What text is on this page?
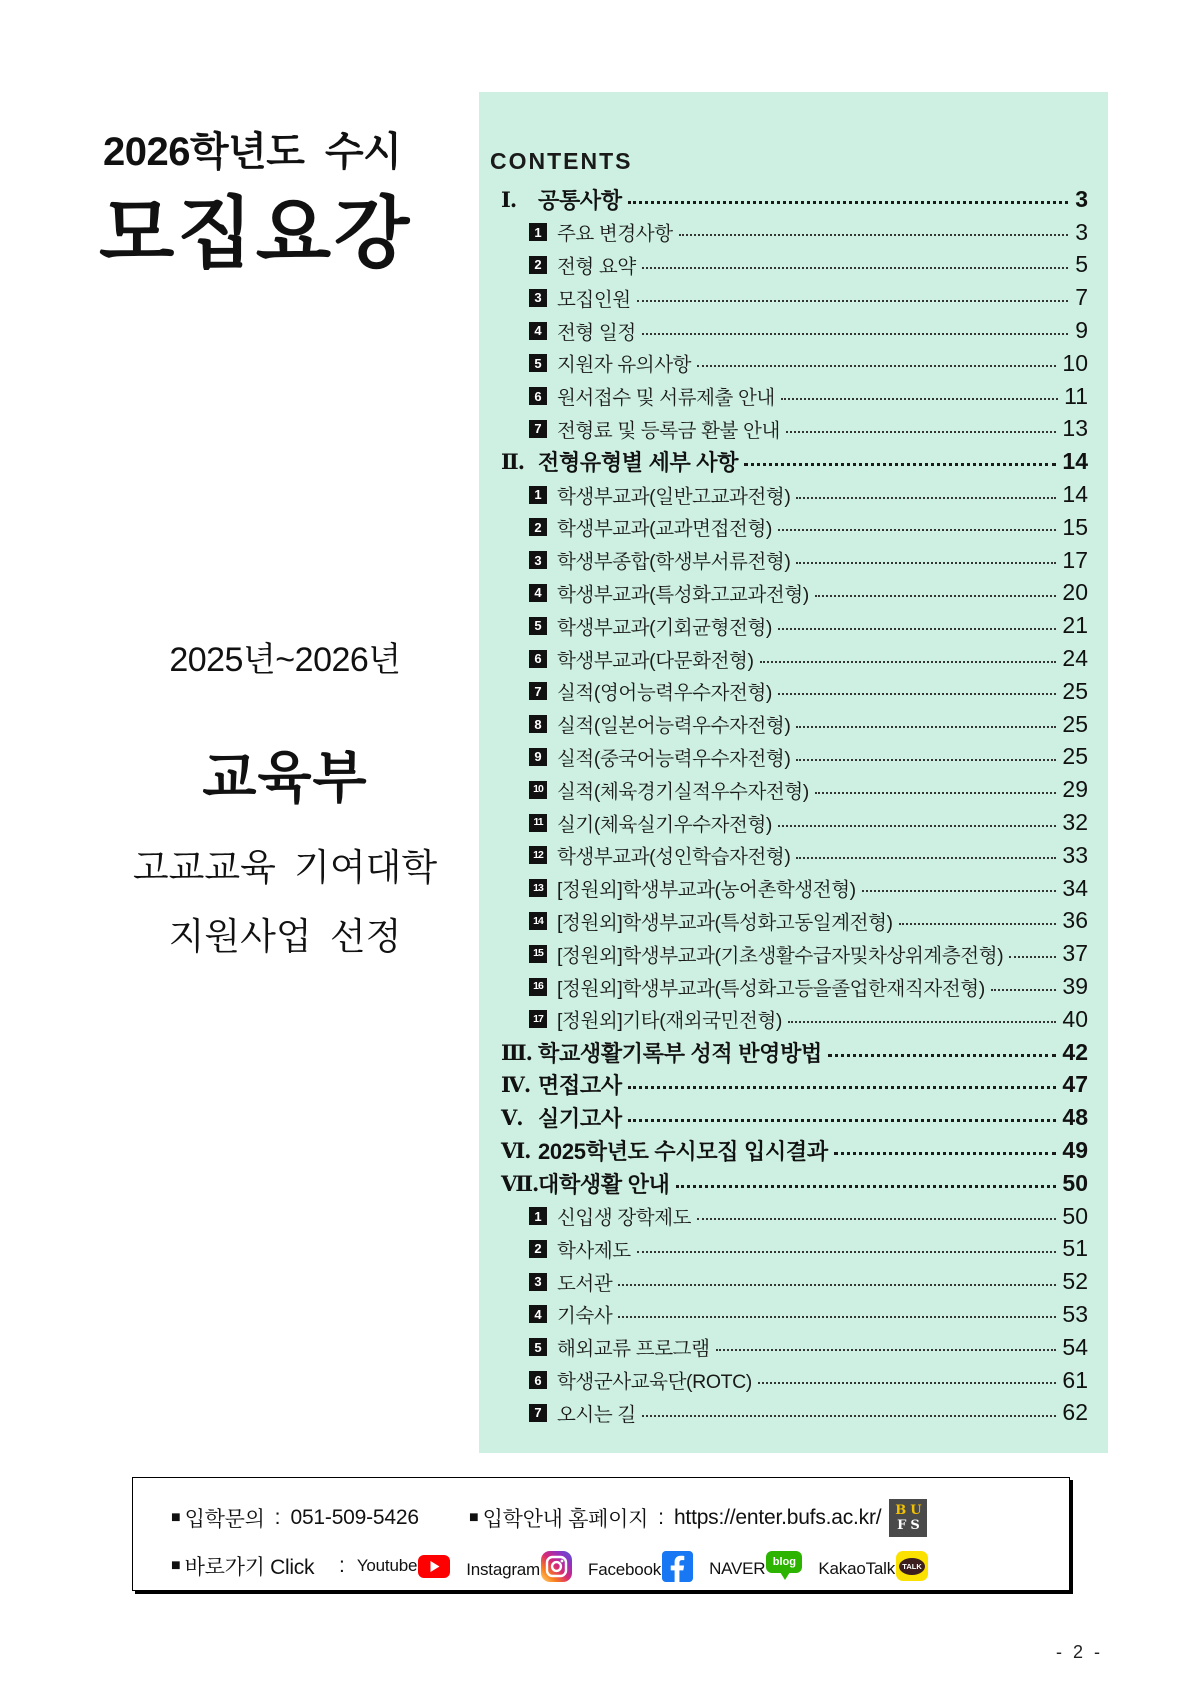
2026학년도 수시
모집요강
2025년~2026년
교육부
고교교육 기여대학
지원사업 선정
CONTENTS
Ⅰ. 공통사항	3
1 주요 변경사항	3
2 전형 요약	5
3 모집인원	7
4 전형 일정	9
5 지원자 유의사항	10
6 원서접수 및 서류제출 안내	11
7 전형료 및 등록금 환불 안내	13
Ⅱ. 전형유형별 세부 사항	14
1 학생부교과(일반고교과전형)	14
2 학생부교과(교과면접전형)	15
3 학생부종합(학생부서류전형)	17
4 학생부교과(특성화고교과전형)	20
5 학생부교과(기회균형전형)	21
6 학생부교과(다문화전형)	24
7 실적(영어능력우수자전형)	25
8 실적(일본어능력우수자전형)	25
9 실적(중국어능력우수자전형)	25
10 실적(체육경기실적우수자전형)	29
11 실기(체육실기우수자전형)	32
12 학생부교과(성인학습자전형)	33
13 [정원외]학생부교과(농어촌학생전형)	34
14 [정원외]학생부교과(특성화고동일계전형)	36
15 [정원외]학생부교과(기초생활수급자및차상위계층전형)	37
16 [정원외]학생부교과(특성화고등을졸업한재직자전형)	39
17 [정원외]기타(재외국민전형)	40
Ⅲ. 학교생활기록부 성적 반영방법	42
Ⅳ. 면접고사	47
Ⅴ. 실기고사	48
Ⅵ. 2025학년도 수시모집 입시결과	49
Ⅶ. 대학생활 안내	50
1 신입생 장학제도	50
2 학사제도	51
3 도서관	52
4 기숙사	53
5 해외교류 프로그램	54
6 학생군사교육단(ROTC)	61
7 오시는 길	62
■ 입학문의 : 051-509-5426	■ 입학안내 홈페이지 : https://enter.bufs.ac.kr/	BU
FS
■ 바로가기 Click : Youtube	Instagram	Facebook	NAVER blog KakaoTalk TALK
- 2 -
